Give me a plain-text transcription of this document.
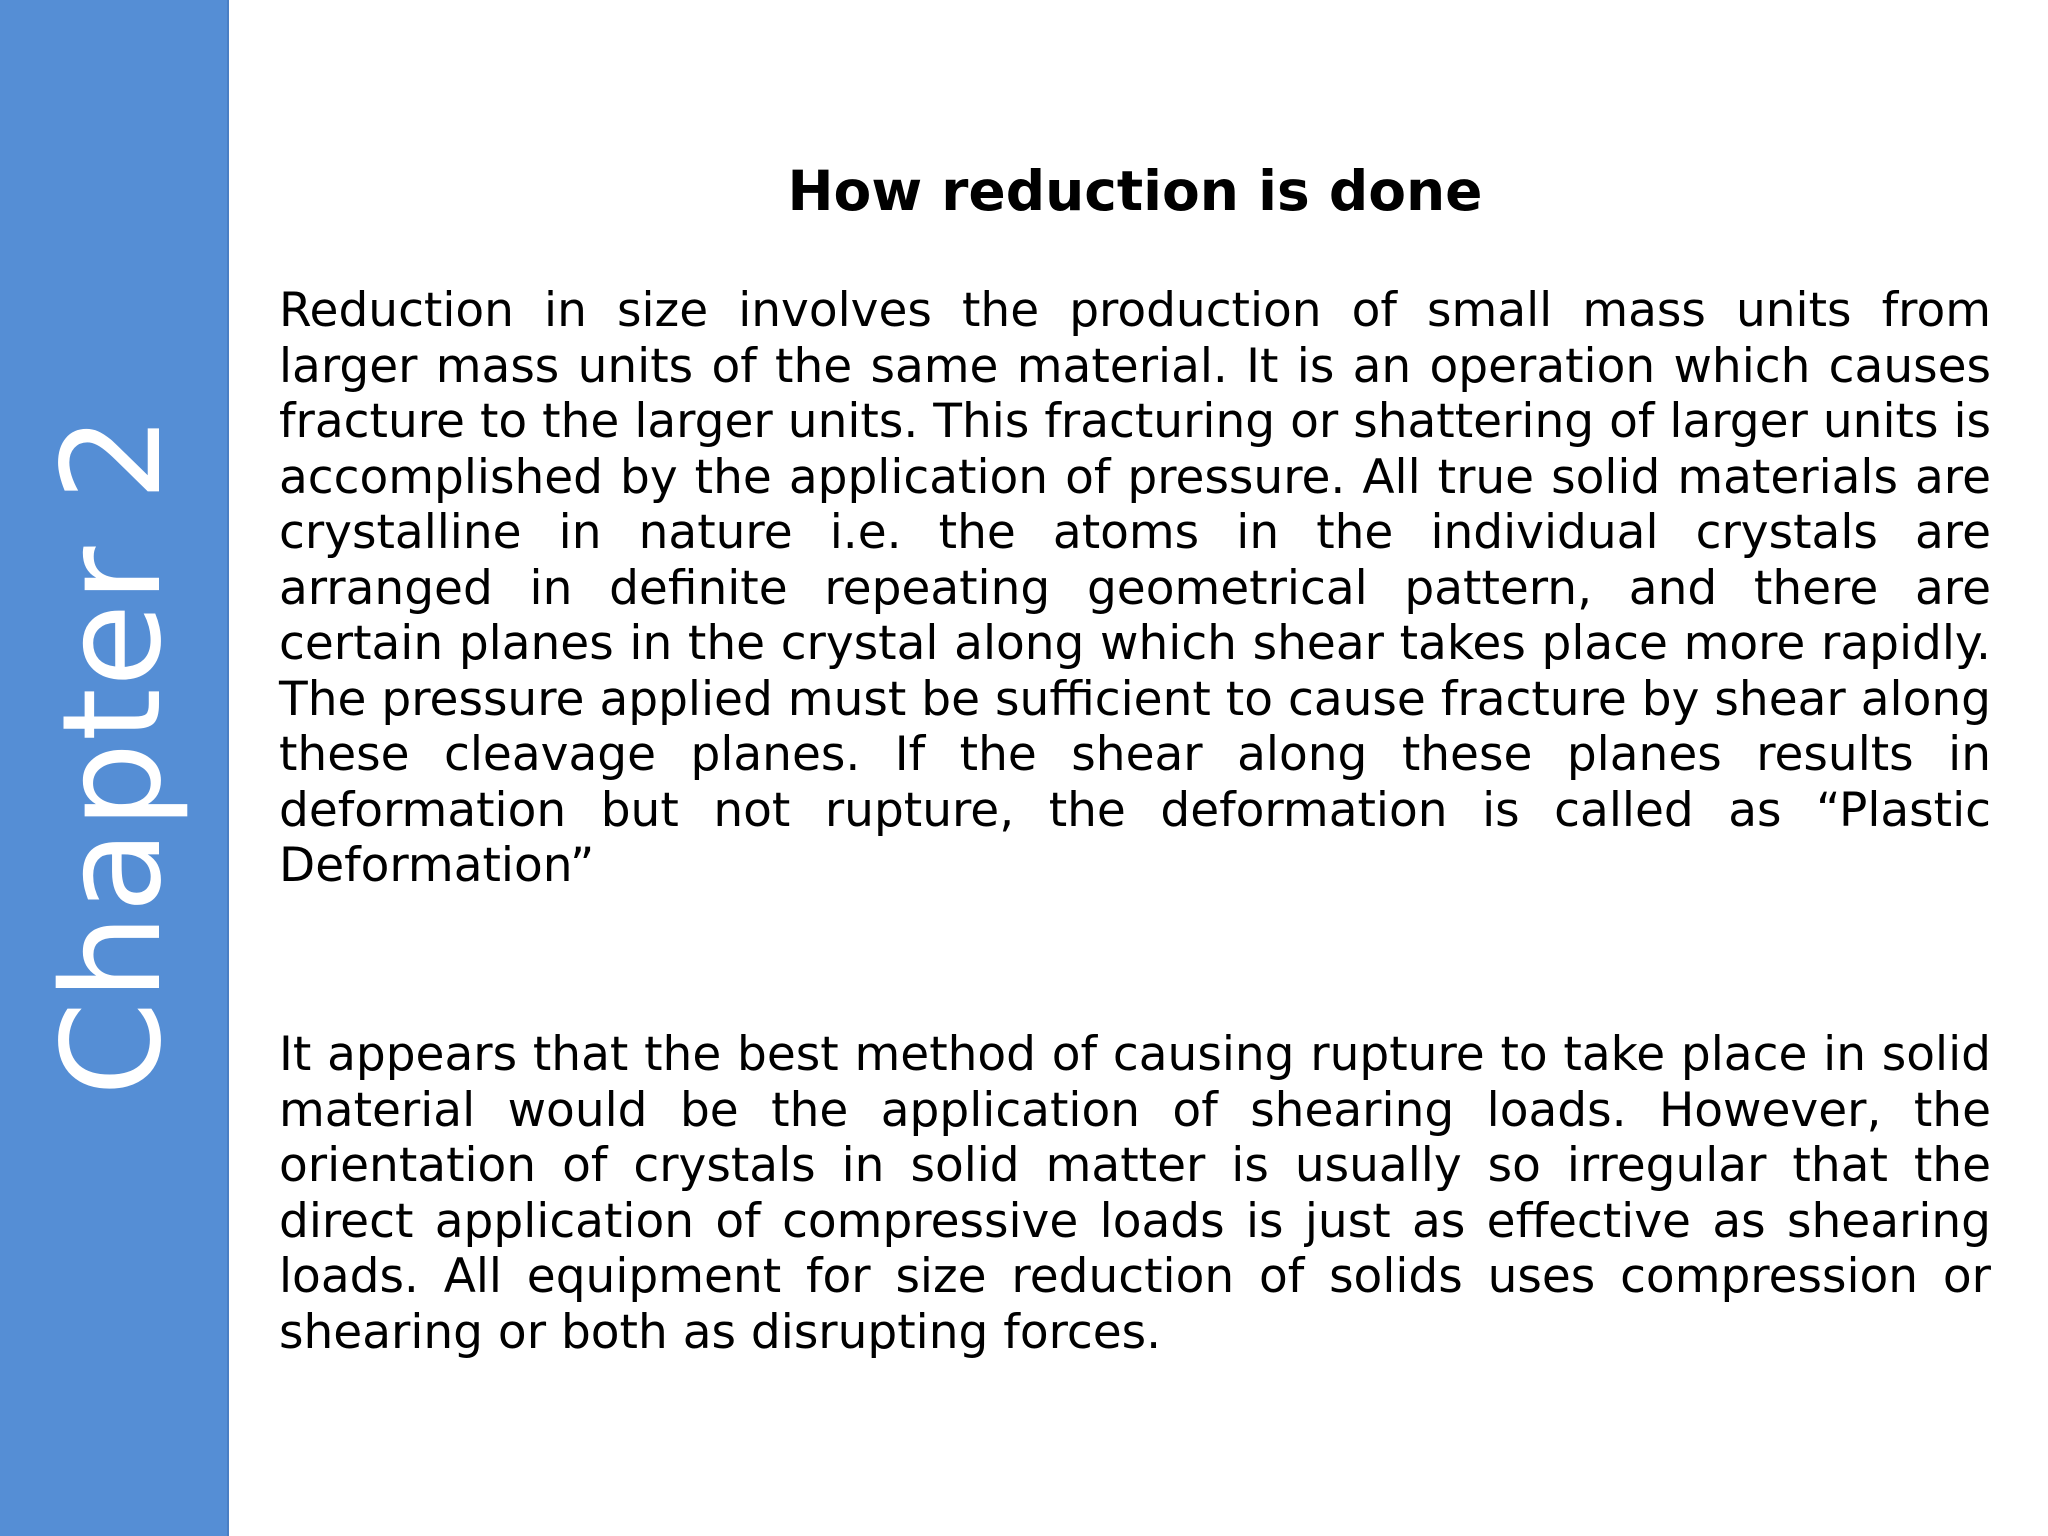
Chapter 2
How reduction is done

Reduction in size involves the production of small mass units from larger mass units of the same material. It is an operation which causes fracture to the larger units. This fracturing or shattering of larger units is accomplished by the application of pressure. All true solid materials are crystalline in nature i.e. the atoms in the individual crystals are arranged in definite repeating geometrical pattern, and there are certain planes in the crystal along which shear takes place more rapidly. The pressure applied must be sufficient to cause fracture by shear along these cleavage planes. If the shear along these planes results in deformation but not rupture, the deformation is called as “Plastic Deformation”

It appears that the best method of causing rupture to take place in solid material would be the application of shearing loads. However, the orientation of crystals in solid matter is usually so irregular that the direct application of compressive loads is just as effective as shearing loads. All equipment for size reduction of solids uses compression or shearing or both as disrupting forces.
